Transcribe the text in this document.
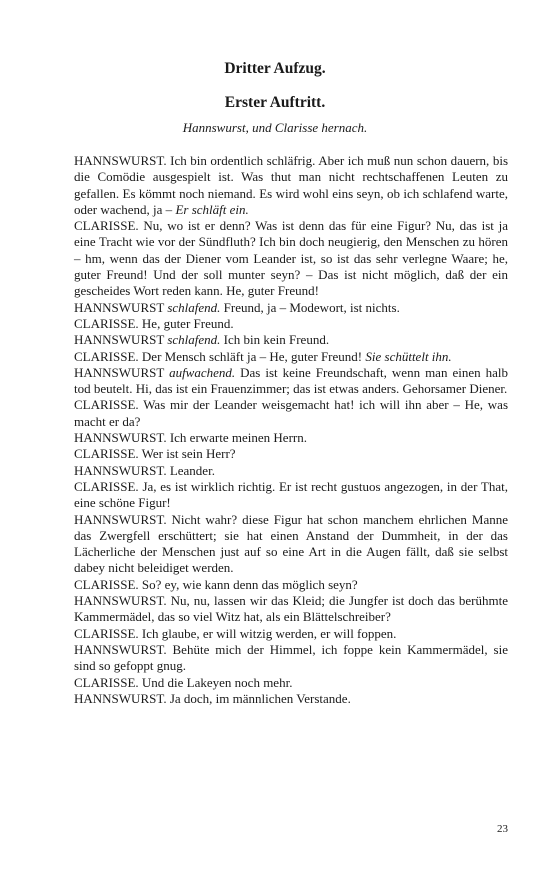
Dritter Aufzug.
Erster Auftritt.
Hannswurst, und Clarisse hernach.

HANNSWURST. Ich bin ordentlich schläfrig. Aber ich muß nun schon dauern, bis die Comödie ausgespielt ist. Was thut man nicht rechtschaffenen Leuten zu gefallen. Es kömmt noch niemand. Es wird wohl eins seyn, ob ich schlafend warte, oder wachend, ja – Er schläft ein.

CLARISSE. Nu, wo ist er denn? Was ist denn das für eine Figur? Nu, das ist ja eine Tracht wie vor der Sündfluth? Ich bin doch neugierig, den Menschen zu hören – hm, wenn das der Diener vom Leander ist, so ist das sehr verlegne Waare; he, guter Freund! Und der soll munter seyn? – Das ist nicht möglich, daß der ein gescheides Wort reden kann. He, guter Freund!

HANNSWURST schlafend. Freund, ja – Modewort, ist nichts.

CLARISSE. He, guter Freund.

HANNSWURST schlafend. Ich bin kein Freund.

CLARISSE. Der Mensch schläft ja – He, guter Freund! Sie schüttelt ihn.

HANNSWURST aufwachend. Das ist keine Freundschaft, wenn man einen halb tod beutelt. Hi, das ist ein Frauenzimmer; das ist etwas anders. Gehorsamer Diener.

CLARISSE. Was mir der Leander weisgemacht hat! ich will ihn aber – He, was macht er da?

HANNSWURST. Ich erwarte meinen Herrn.

CLARISSE. Wer ist sein Herr?

HANNSWURST. Leander.

CLARISSE. Ja, es ist wirklich richtig. Er ist recht gustuos angezogen, in der That, eine schöne Figur!

HANNSWURST. Nicht wahr? diese Figur hat schon manchem ehrlichen Manne das Zwergfell erschüttert; sie hat einen Anstand der Dummheit, in der das Lächerliche der Menschen just auf so eine Art in die Augen fällt, daß sie selbst dabey nicht beleidiget werden.

CLARISSE. So? ey, wie kann denn das möglich seyn?

HANNSWURST. Nu, nu, lassen wir das Kleid; die Jungfer ist doch das berühmte Kammermädel, das so viel Witz hat, als ein Blättelschreiber?

CLARISSE. Ich glaube, er will witzig werden, er will foppen.

HANNSWURST. Behüte mich der Himmel, ich foppe kein Kammermädel, sie sind so gefoppt gnug.

CLARISSE. Und die Lakeyen noch mehr.

HANNSWURST. Ja doch, im männlichen Verstande.

23
